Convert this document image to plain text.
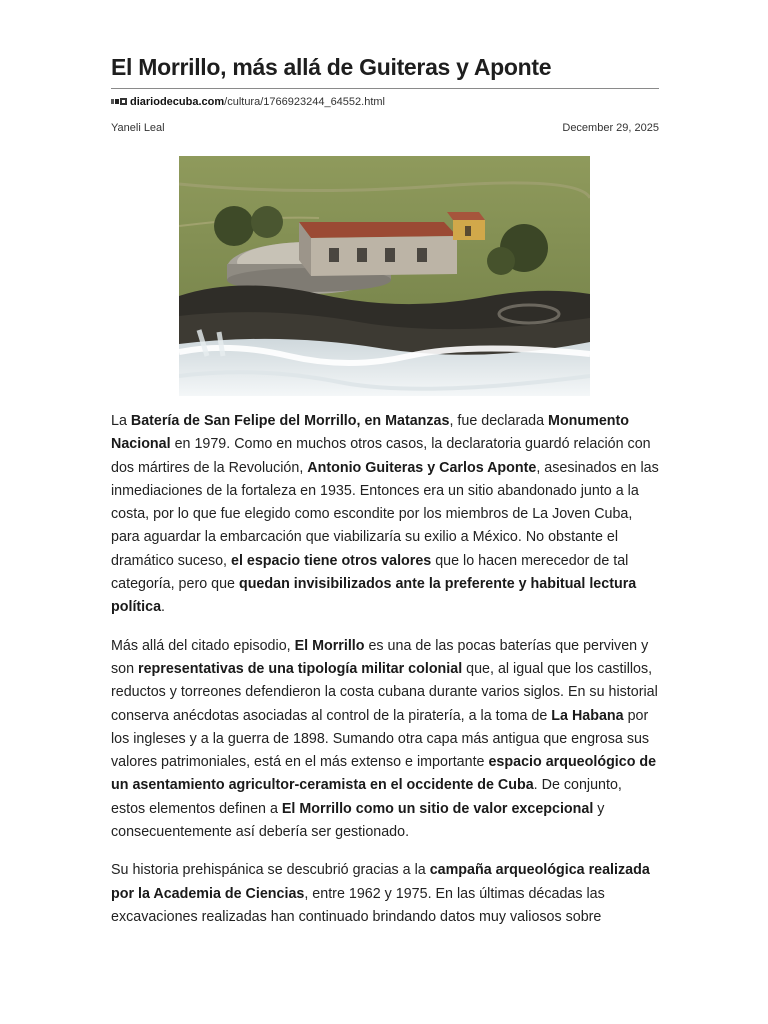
El Morrillo, más allá de Guiteras y Aponte
diariodecuba.com/cultura/1766923244_64552.html
Yaneli Leal	December 29, 2025

La Batería de San Felipe del Morrillo, en Matanzas, fue declarada Monumento Nacional en 1979. Como en muchos otros casos, la declaratoria guardó relación con dos mártires de la Revolución, Antonio Guiteras y Carlos Aponte, asesinados en las inmediaciones de la fortaleza en 1935. Entonces era un sitio abandonado junto a la costa, por lo que fue elegido como escondite por los miembros de La Joven Cuba, para aguardar la embarcación que viabilizaría su exilio a México. No obstante el dramático suceso, el espacio tiene otros valores que lo hacen merecedor de tal categoría, pero que quedan invisibilizados ante la preferente y habitual lectura política.

Más allá del citado episodio, El Morrillo es una de las pocas baterías que perviven y son representativas de una tipología militar colonial que, al igual que los castillos, reductos y torreones defendieron la costa cubana durante varios siglos. En su historial conserva anécdotas asociadas al control de la piratería, a la toma de La Habana por los ingleses y a la guerra de 1898. Sumando otra capa más antigua que engrosa sus valores patrimoniales, está en el más extenso e importante espacio arqueológico de un asentamiento agricultor-ceramista en el occidente de Cuba. De conjunto, estos elementos definen a El Morrillo como un sitio de valor excepcional y consecuentemente así debería ser gestionado.

Su historia prehispánica se descubrió gracias a la campaña arqueológica realizada por la Academia de Ciencias, entre 1962 y 1975. En las últimas décadas las excavaciones realizadas han continuado brindando datos muy valiosos sobre
